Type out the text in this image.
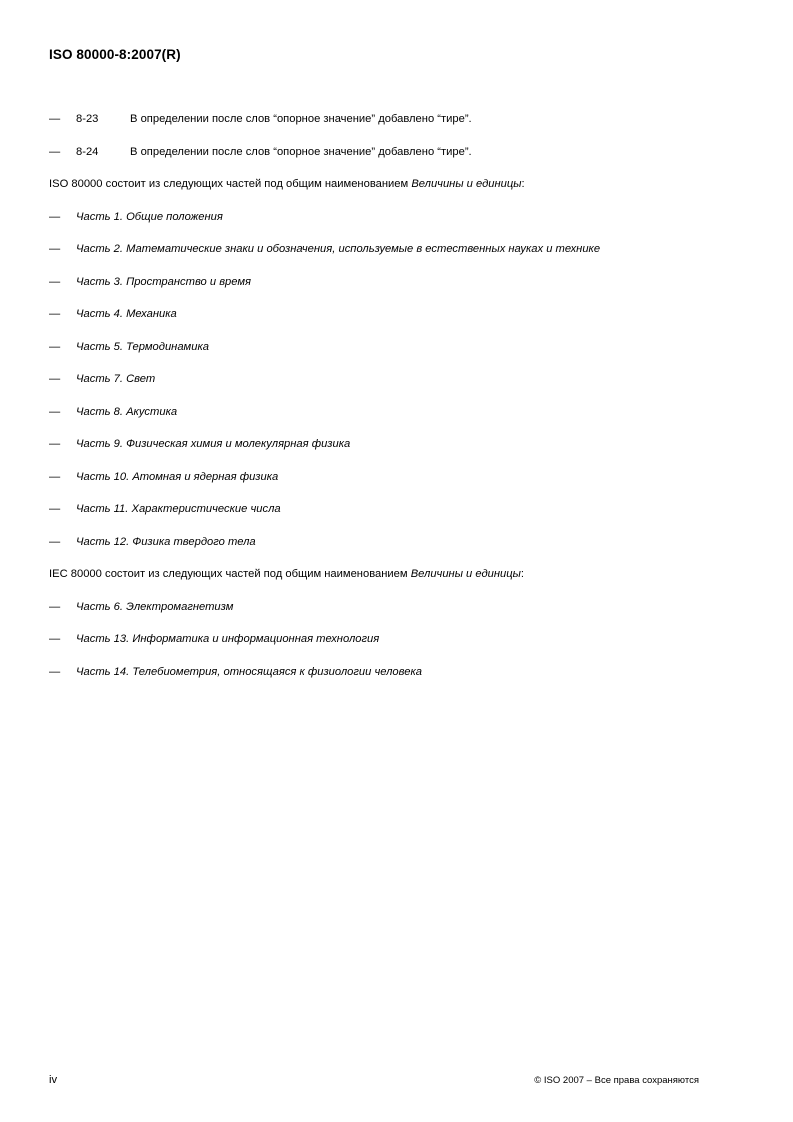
ISO 80000-8:2007(R)
—	8-23	В определении после слов “опорное значение” добавлено “тире”.
—	8-24	В определении после слов “опорное значение” добавлено “тире”.
ISO 80000 состоит из следующих частей под общим наименованием Величины и единицы:
—	Часть 1. Общие положения
—	Часть 2. Математические знаки и обозначения, используемые в естественных науках и технике
—	Часть 3. Пространство и время
—	Часть 4. Механика
—	Часть 5. Термодинамика
—	Часть 7. Свет
—	Часть 8. Акустика
—	Часть 9. Физическая химия и молекулярная физика
—	Часть 10. Атомная и ядерная физика
—	Часть 11. Характеристические числа
—	Часть 12. Физика твердого тела
IEC 80000 состоит из следующих частей под общим наименованием Величины и единицы:
—	Часть 6. Электромагнетизм
—	Часть 13. Информатика и информационная технология
—	Часть 14. Телебиометрия, относящаяся к физиологии человека
iv	© ISO 2007 – Все права сохраняются
